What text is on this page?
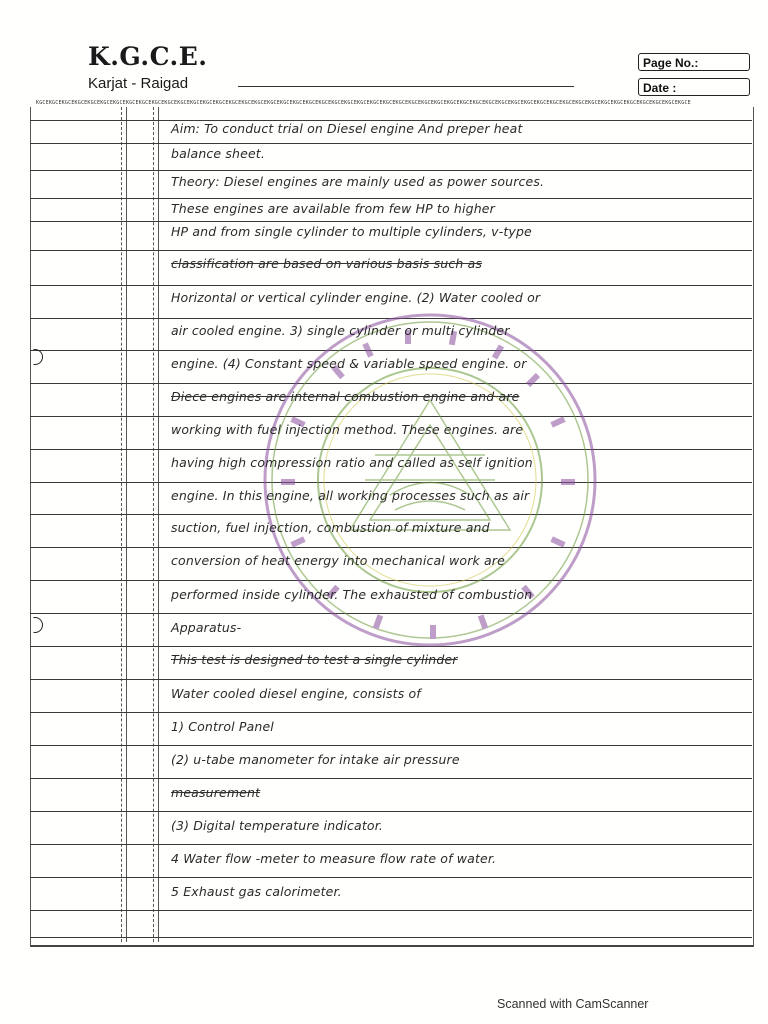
K.G.C.E.
Karjat - Raigad
Page No.:
Date :
KGCEKGCEKGCEKGCEKGCEKGCEKGCEKGCEKGCEKGCEKGCEKGCEKGCEKGCEKGCEKGCEKGCEKGCEKGCEKGCEKGCEKGCEKGCEKGCEKGCEKGCEKGCEKGCEKGCEKGCEKGCEKGCEKGCEKGCEKGCEKGCEKGCEKGCEKGCEKGCEKGCEKGCEKGCEKGCEKGCEKGCEKGCEKGCEKGCEKGCEKGCE
Aim: To conduct trial on Diesel engine And preper heat
balance sheet.
Theory: Diesel engines are mainly used as power sources.
These engines are available from few HP to higher
HP and from single cylinder to multiple cylinders, v-type
classification are based on various basis such as
Horizontal or vertical cylinder engine. (2) Water cooled or
air cooled engine. 3) single cylinder or multi cylinder
engine. (4) Constant speed & variable speed engine. or
Diece engines are internal combustion engine and are
working with fuel injection method. These engines. are
having high compression ratio and called as self ignition
engine. In this engine, all working processes such as air
suction, fuel injection, combustion of mixture and
conversion of heat energy into mechanical work are
performed inside cylinder. The exhausted of combustion
Apparatus-
This test is designed to test a single cylinder
Water cooled diesel engine, consists of
1) Control Panel
(2) u-tabe manometer for intake air pressure
measurement
(3) Digital temperature indicator.
4 Water flow -meter to measure flow rate of water.
5 Exhaust gas calorimeter.
Scanned with CamScanner
